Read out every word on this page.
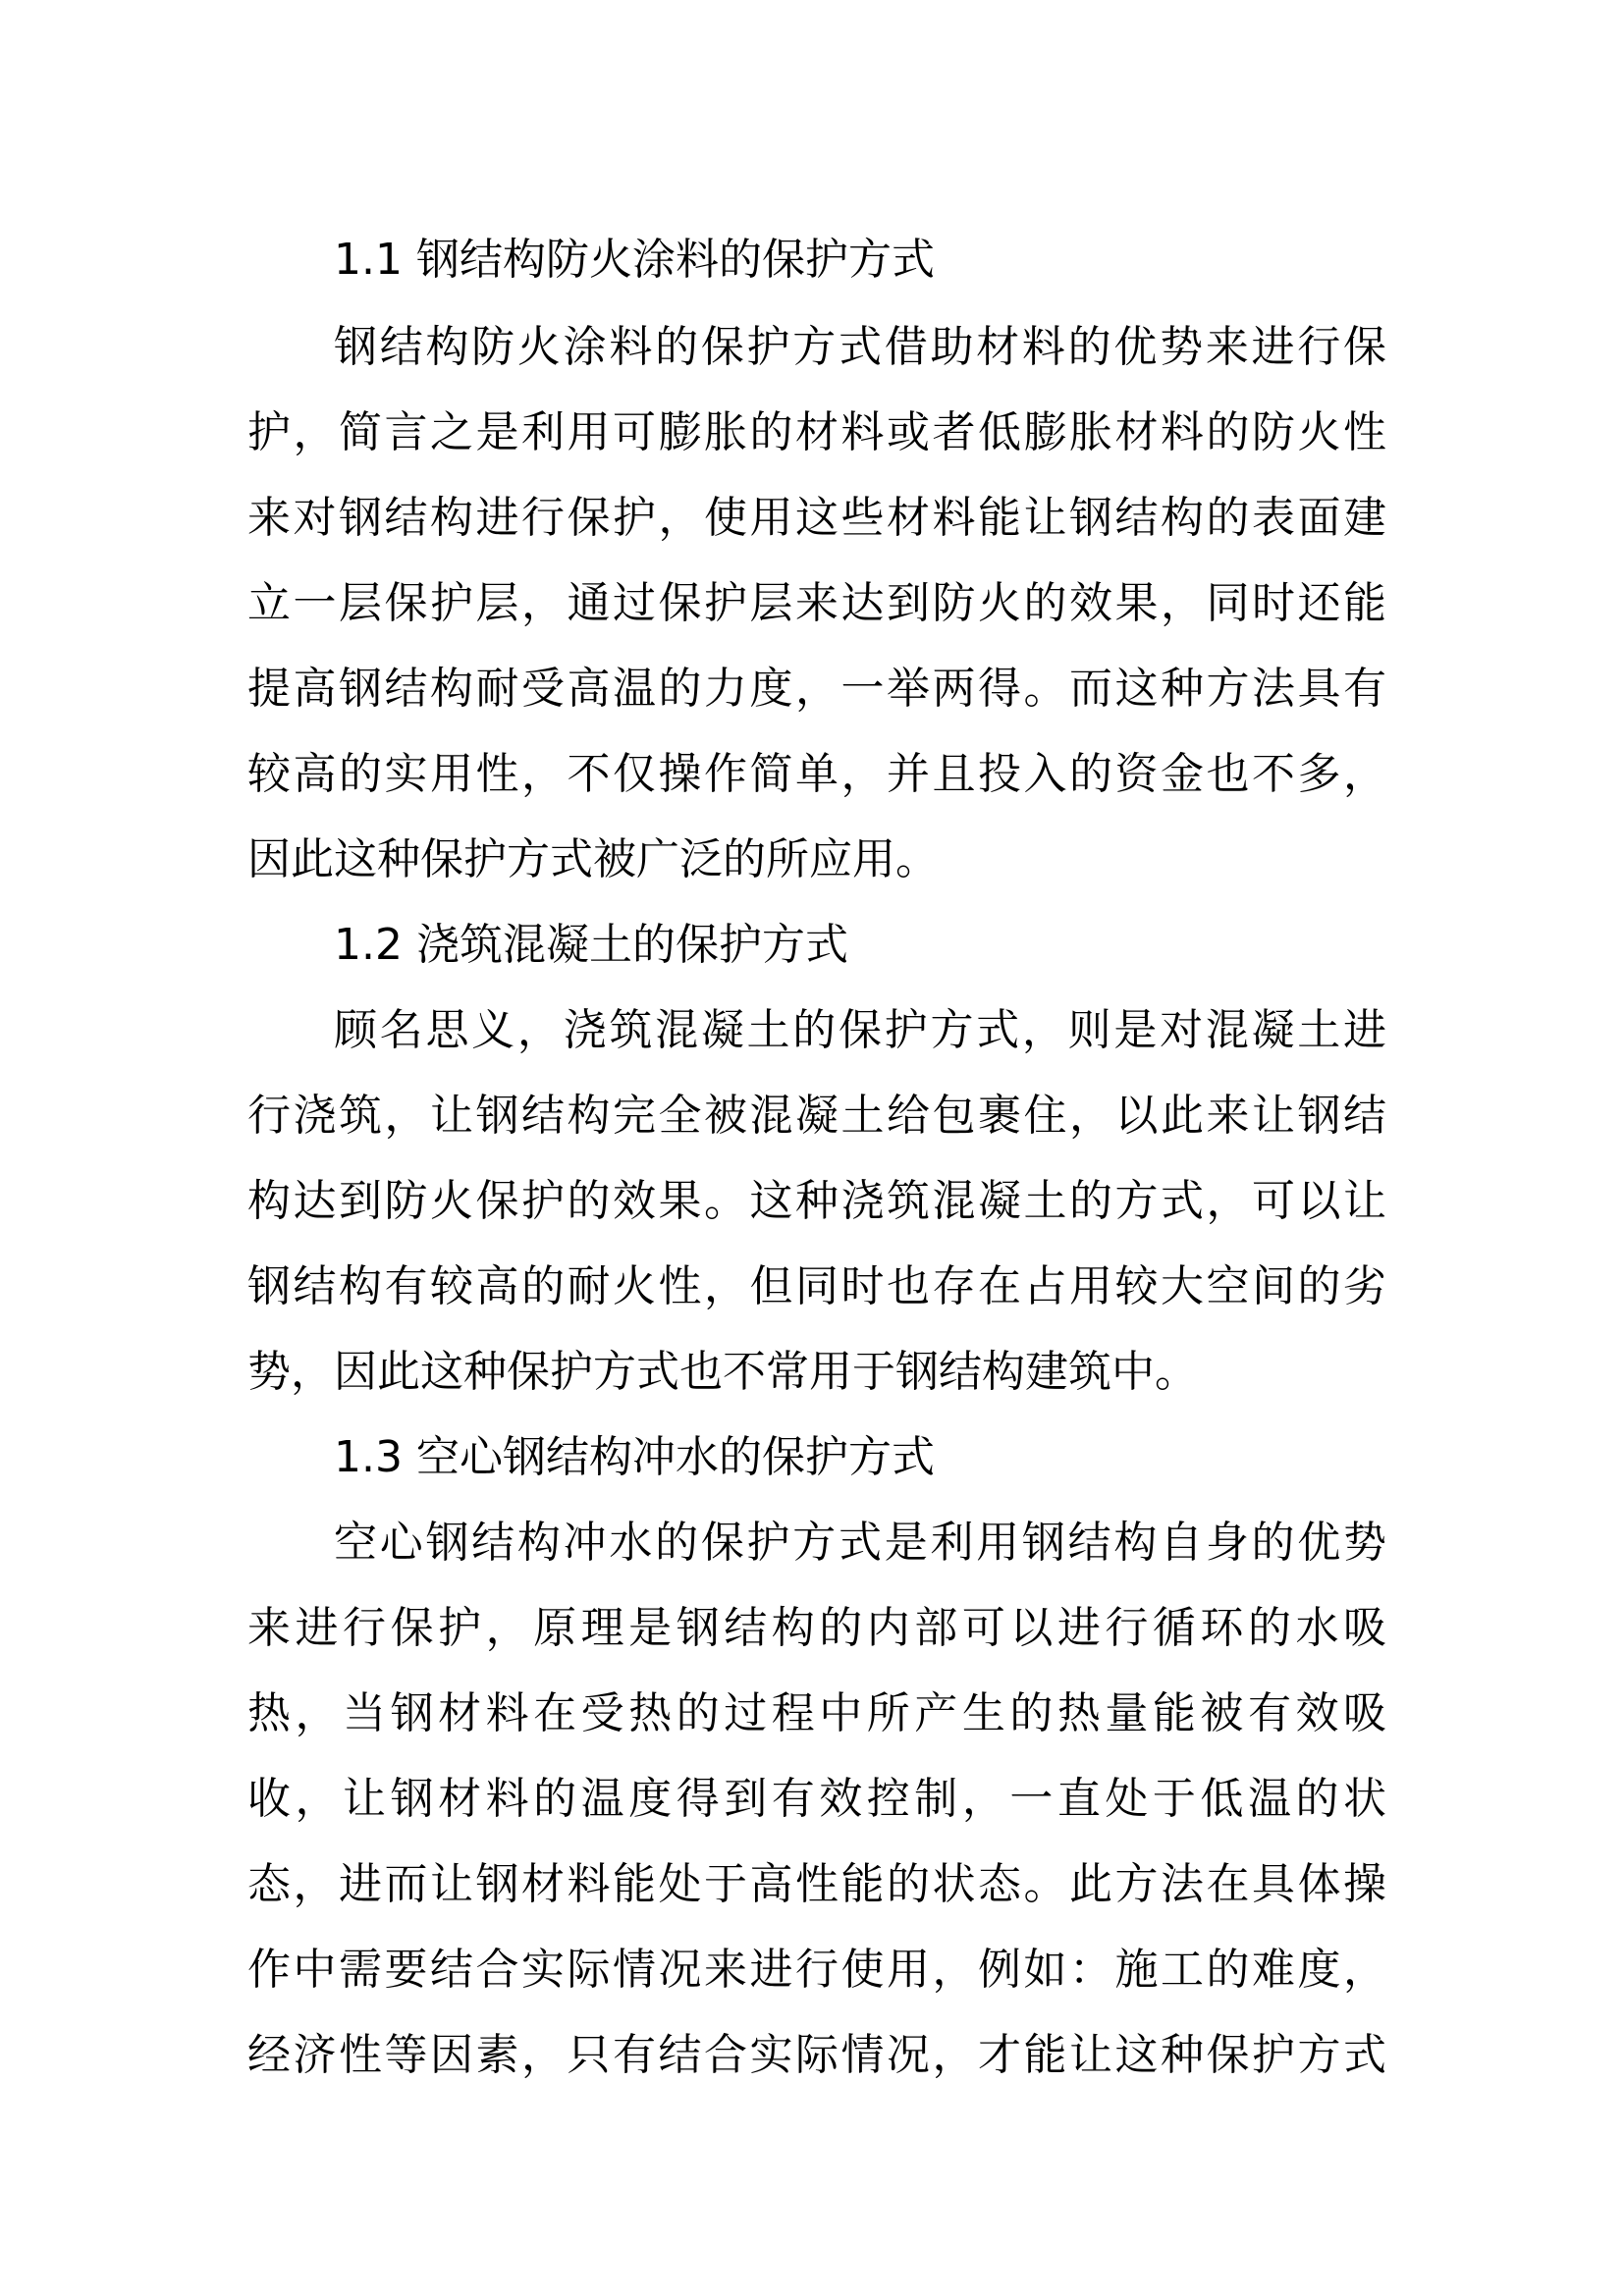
1.1 钢结构防火涂料的保护方式
钢结构防火涂料的保护方式借助材料的优势来进行保
护，简言之是利用可膨胀的材料或者低膨胀材料的防火性
来对钢结构进行保护，使用这些材料能让钢结构的表面建
立一层保护层，通过保护层来达到防火的效果，同时还能
提高钢结构耐受高温的力度，一举两得。而这种方法具有
较高的实用性，不仅操作简单，并且投入的资金也不多，
因此这种保护方式被广泛的所应用。
1.2 浇筑混凝土的保护方式
顾名思义，浇筑混凝土的保护方式，则是对混凝土进
行浇筑，让钢结构完全被混凝土给包裹住，以此来让钢结
构达到防火保护的效果。这种浇筑混凝土的方式，可以让
钢结构有较高的耐火性，但同时也存在占用较大空间的劣
势，因此这种保护方式也不常用于钢结构建筑中。
1.3 空心钢结构冲水的保护方式
空心钢结构冲水的保护方式是利用钢结构自身的优势
来进行保护，原理是钢结构的内部可以进行循环的水吸
热，当钢材料在受热的过程中所产生的热量能被有效吸
收，让钢材料的温度得到有效控制，一直处于低温的状
态，进而让钢材料能处于高性能的状态。此方法在具体操
作中需要结合实际情况来进行使用，例如：施工的难度，
经济性等因素，只有结合实际情况，才能让这种保护方式
